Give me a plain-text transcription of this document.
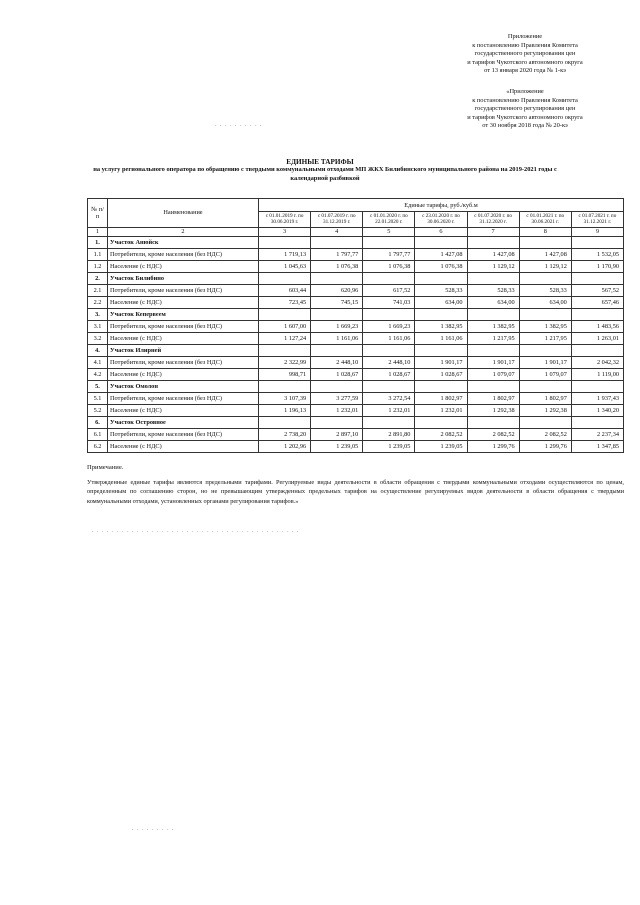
Приложение
к постановлению Правления Комитета
государственного регулирования цен
и тарифов Чукотского автономного округа
от 13 января 2020 года № 1-кэ
«Приложение
к постановлению Правления Комитета
государственного регулирования цен
и тарифов Чукотского автономного округа
от 30 ноября 2018 года № 20-кэ
. . . . . . . . . .
ЕДИНЫЕ ТАРИФЫ
на услугу регионального оператора по обращению с твердыми коммунальными отходами МП ЖКХ Билибинского муниципального района на 2019-2021 годы с календарной разбивкой
№ п/п	Наименование	Единые тарифы, руб./куб.м						
		с 01.01.2019 г. по 30.06.2019 г.	с 01.07.2019 г. по 31.12.2019 г.	с 01.01.2020 г. по 22.01.2020 г.	с 23.01.2020 г. по 30.06.2020 г.	с 01.07.2020 г. по 31.12.2020 г.	с 01.01.2021 г. по 30.06.2021 г.	с 01.07.2021 г. по 31.12.2021 г.
1	2	3	4	5	6	7	8	9
1.	Участок Анюйск							
1.1	Потребители, кроме населения (без НДС)	1 719,13	1 797,77	1 797,77	1 427,08	1 427,08	1 427,08	1 532,05
1.2	Население (с НДС)	1 045,63	1 076,38	1 076,38	1 076,38	1 129,12	1 129,12	1 170,90
2.	Участок Билибино							
2.1	Потребители, кроме населения (без НДС)	603,44	620,96	617,52	528,33	528,33	528,33	567,52
2.2	Население (с НДС)	723,45	745,15	741,03	634,00	634,00	634,00	657,46
3.	Участок Кепервеем							
3.1	Потребители, кроме населения (без НДС)	1 607,00	1 669,23	1 669,23	1 382,95	1 382,95	1 382,95	1 483,56
3.2	Население (с НДС)	1 127,24	1 161,06	1 161,06	1 161,06	1 217,95	1 217,95	1 263,01
4.	Участок Илирней							
4.1	Потребители, кроме населения (без НДС)	2 322,99	2 448,10	2 448,10	1 901,17	1 901,17	1 901,17	2 042,32
4.2	Население (с НДС)	998,71	1 028,67	1 028,67	1 028,67	1 079,07	1 079,07	1 119,00
5.	Участок Омолон							
5.1	Потребители, кроме населения (без НДС)	3 107,39	3 277,59	3 272,54	1 802,97	1 802,97	1 802,97	1 937,43
5.2	Население (с НДС)	1 196,13	1 232,01	1 232,01	1 232,01	1 292,38	1 292,38	1 340,20
6.	Участок Островное							
6.1	Потребители, кроме населения (без НДС)	2 738,20	2 897,10	2 891,80	2 082,52	2 082,52	2 082,52	2 237,34
6.2	Население (с НДС)	1 202,96	1 239,05	1 239,05	1 239,05	1 299,76	1 299,76	1 347,85
Примечание.
Утвержденные единые тарифы являются предельными тарифами. Регулируемые виды деятельности в области обращения с твердыми коммунальными отходами осуществляются по ценам, определенным по соглашению сторон, но не превышающим утвержденных предельных тарифов на осуществление регулируемых видов деятельности в области обращения с твердыми коммунальными отходами, установленных органами регулирования тарифов.»
. . . . . . . . . . . . . . . . . . . . . . . . . . . . . . . . . . . . . . . . . .
. . . . . . . . .
